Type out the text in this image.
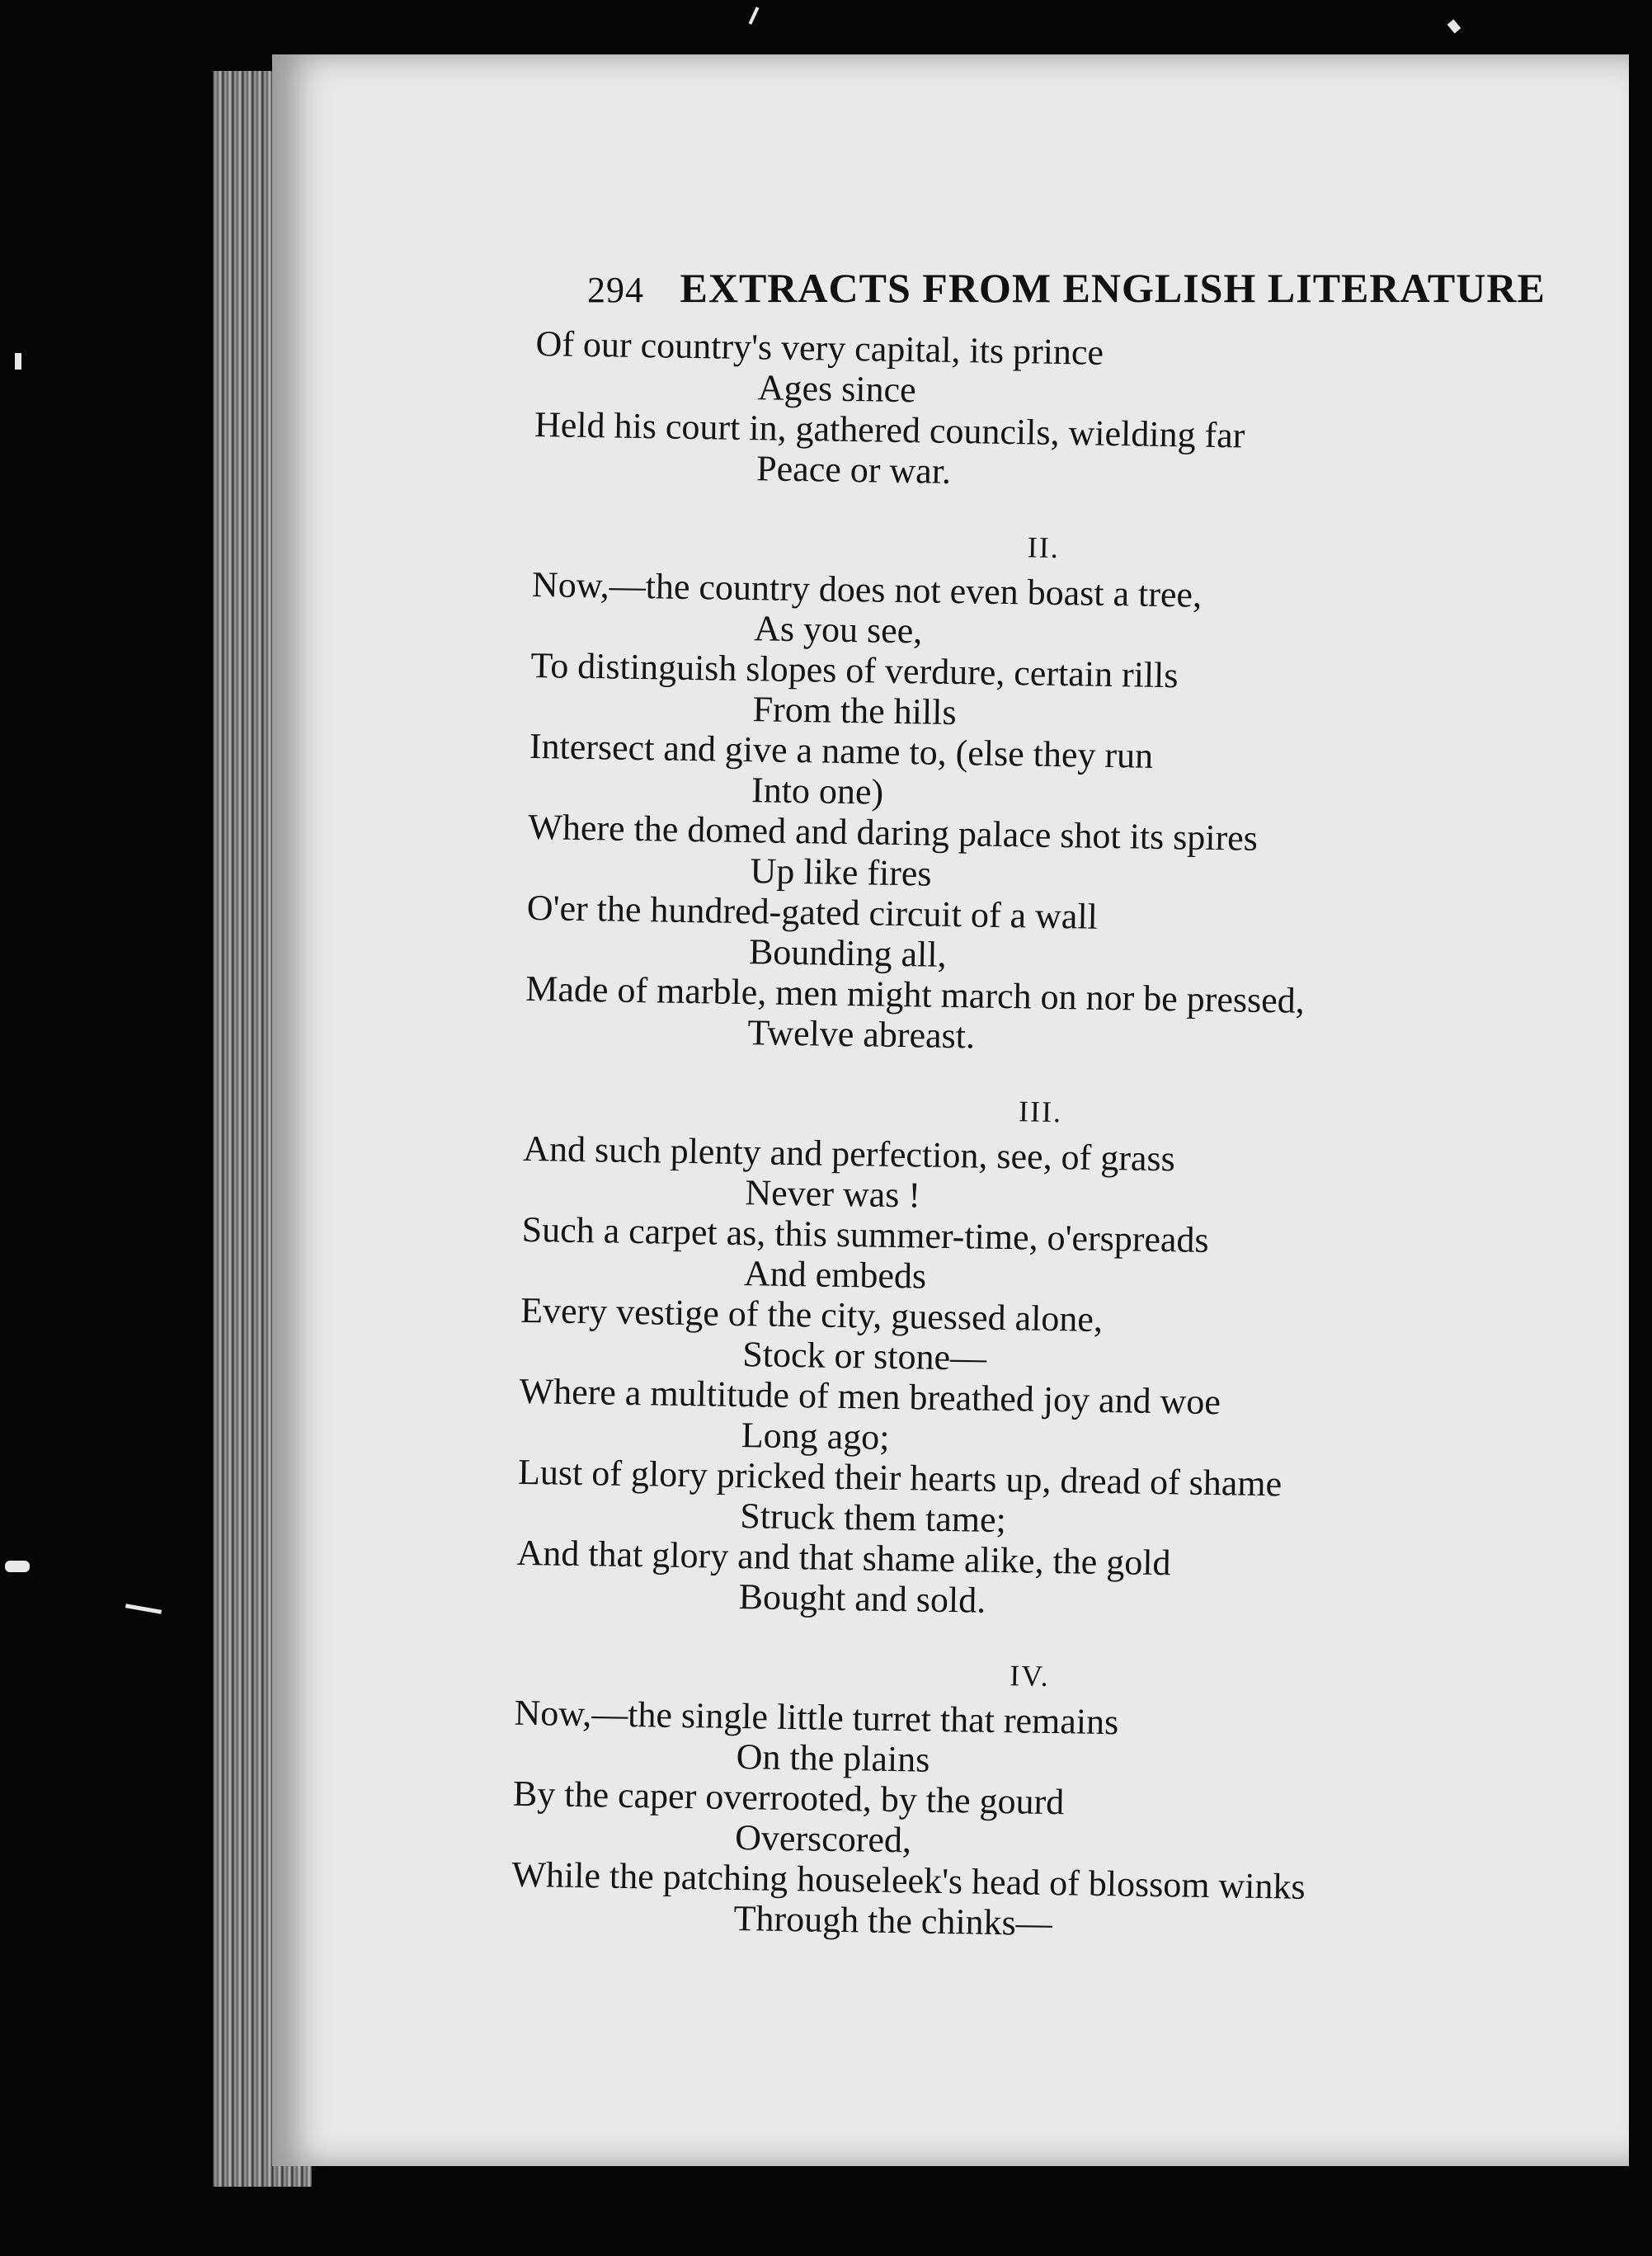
294 EXTRACTS FROM ENGLISH LITERATURE
Of our country's very capital, its prince
Ages since
Held his court in, gathered councils, wielding far
Peace or war.
II.
Now,—the country does not even boast a tree,
As you see,
To distinguish slopes of verdure, certain rills
From the hills
Intersect and give a name to, (else they run
Into one)
Where the domed and daring palace shot its spires
Up like fires
O'er the hundred-gated circuit of a wall
Bounding all,
Made of marble, men might march on nor be pressed,
Twelve abreast.
III.
And such plenty and perfection, see, of grass
Never was !
Such a carpet as, this summer-time, o'erspreads
And embeds
Every vestige of the city, guessed alone,
Stock or stone—
Where a multitude of men breathed joy and woe
Long ago;
Lust of glory pricked their hearts up, dread of shame
Struck them tame;
And that glory and that shame alike, the gold
Bought and sold.
IV.
Now,—the single little turret that remains
On the plains
By the caper overrooted, by the gourd
Overscored,
While the patching houseleek's head of blossom winks
Through the chinks—
